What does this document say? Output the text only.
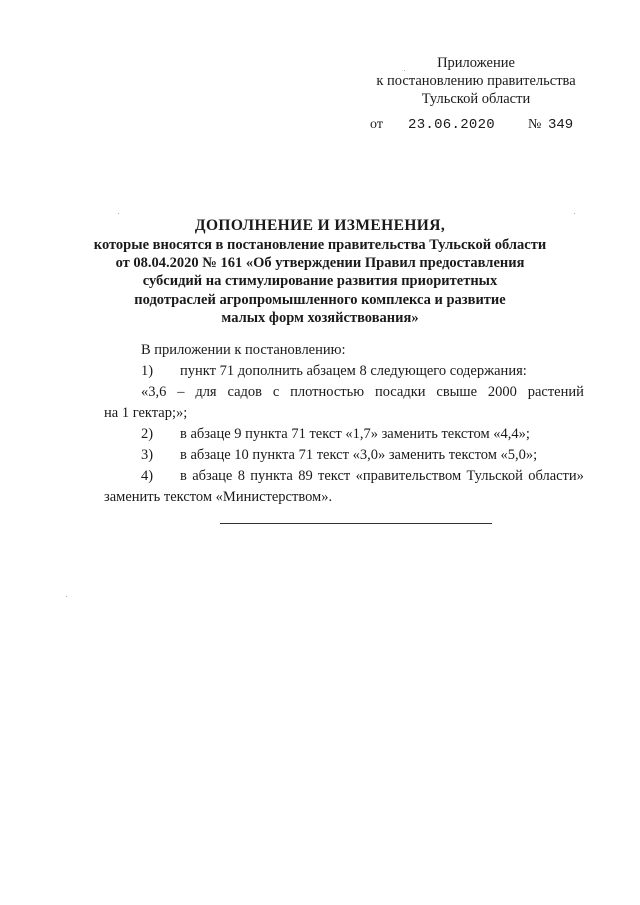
Приложение
к постановлению правительства
Тульской области
от 23.06.2020 № 349
ДОПОЛНЕНИЕ И ИЗМЕНЕНИЯ,
которые вносятся в постановление правительства Тульской области
от 08.04.2020 № 161 «Об утверждении Правил предоставления
субсидий на стимулирование развития приоритетных
подотраслей агропромышленного комплекса и развитие
малых форм хозяйствования»
В приложении к постановлению:
1) пункт 71 дополнить абзацем 8 следующего содержания:
«3,6 – для садов с плотностью посадки свыше 2000 растений
на 1 гектар;»;
2) в абзаце 9 пункта 71 текст «1,7» заменить текстом «4,4»;
3) в абзаце 10 пункта 71 текст «3,0» заменить текстом «5,0»;
4)	в абзаце 8 пункта 89 текст «правительством Тульской области»
заменить текстом «Министерством».
